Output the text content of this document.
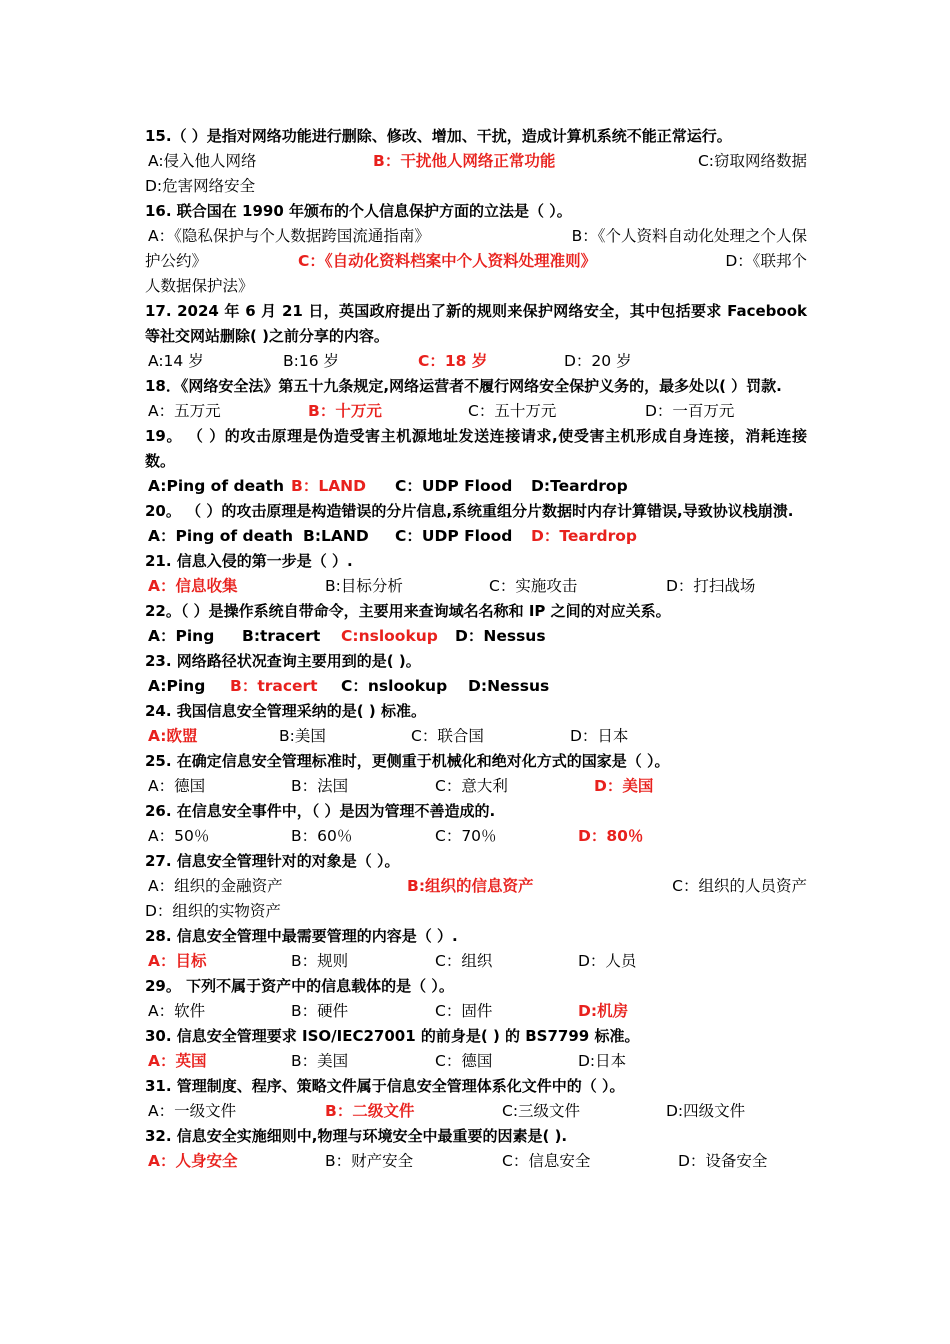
15.（ ）是指对网络功能进行删除、修改、增加、干扰，造成计算机系统不能正常运行。
A:侵入他人网络	B：干扰他人网络正常功能	C:窃取网络数据
D:危害网络安全
16. 联合国在 1990 年颁布的个人信息保护方面的立法是（ ）。
A：《隐私保护与个人数据跨国流通指南》	B：《个人资料自动化处理之个人保
护公约》	C：《自动化资料档案中个人资料处理准则》	D：《联邦个
人数据保护法》
17. 2024 年 6 月 21 日，英国政府提出了新的规则来保护网络安全，其中包括要求 Facebook 等社交网站删除( )之前分享的内容。
A:14 岁	B:16 岁	C：18 岁	D：20 岁
18．《网络安全法》第五十九条规定,网络运营者不履行网络安全保护义务的，最多处以( ）罚款.
A：五万元	B：十万元	C：五十万元	D：一百万元
19。 （ ）的攻击原理是伪造受害主机源地址发送连接请求,使受害主机形成自身连接，消耗连接数。
A:Ping of death B：LAND C：UDP Flood D:Teardrop
20。 （ ）的攻击原理是构造错误的分片信息,系统重组分片数据时内存计算错误,导致协议栈崩溃.
A：Ping of death B:LAND C：UDP Flood D：Teardrop
21. 信息入侵的第一步是（ ）.
A：信息收集	B:目标分析	C：实施攻击	D：打扫战场
22。（ ）是操作系统自带命令，主要用来查询域名名称和 IP 之间的对应关系。
A：Ping B:tracert C:nslookup D：Nessus
23. 网络路径状况查询主要用到的是( )。
A:Ping B：tracert C：nslookup D:Nessus
24. 我国信息安全管理采纳的是( ) 标准。
A:欧盟	B:美国	C：联合国	D：日本
25. 在确定信息安全管理标准时，更侧重于机械化和绝对化方式的国家是（ ）。
A：德国	B：法国	C：意大利	D：美国
26. 在信息安全事件中，（ ）是因为管理不善造成的.
A：50％	B：60％	C：70％	D：80％
27. 信息安全管理针对的对象是（ ）。
A：组织的金融资产	B:组织的信息资产	C：组织的人员资产
D：组织的实物资产
28. 信息安全管理中最需要管理的内容是（ ）.
A：目标	B：规则	C：组织	D：人员
29。 下列不属于资产中的信息载体的是（ ）。
A：软件	B：硬件	C：固件	D:机房
30. 信息安全管理要求 ISO/IEC27001 的前身是( ) 的 BS7799 标准。
A：英国	B：美国	C：德国	D:日本
31. 管理制度、程序、策略文件属于信息安全管理体系化文件中的（ ）。
A：一级文件	B：二级文件	C:三级文件	D:四级文件
32. 信息安全实施细则中,物理与环境安全中最重要的因素是( ).
A：人身安全	B：财产安全	C：信息安全	D：设备安全
